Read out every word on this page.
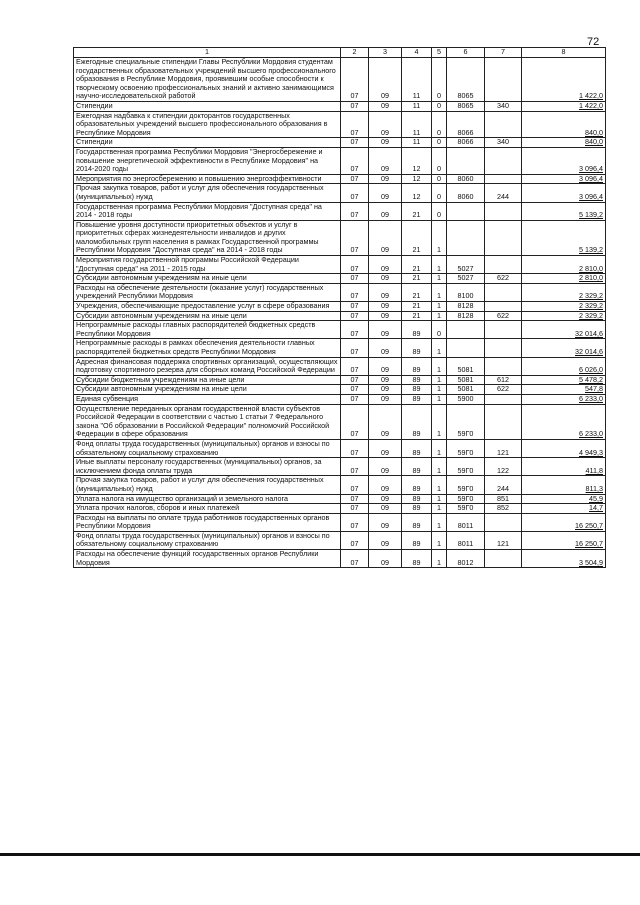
72
1	2	3	4	5	6	7	8
Ежегодные специальные стипендии Главы Республики Мордовия студентам государственных образовательных учреждений высшего профессионального образования в Республике Мордовия, проявившим особые способности к творческому освоению профессиональных знаний и активно занимающимся научно-исследовательской работой	07	09	11	0	8065		1 422,0
Стипендии	07	09	11	0	8065	340	1 422,0
Ежегодная надбавка к стипендии докторантов государственных образовательных учреждений высшего профессионального образования в Республике Мордовия	07	09	11	0	8066		840,0
Стипендии	07	09	11	0	8066	340	840,0
Государственная программа Республики Мордовия "Энергосбережение и повышение энергетической эффективности в Республике Мордовия" на 2014-2020 годы	07	09	12	0			3 096,4
Мероприятия по энергосбережению и повышению энергоэффективности	07	09	12	0	8060		3 096,4
Прочая закупка товаров, работ и услуг для обеспечения государственных (муниципальных) нужд	07	09	12	0	8060	244	3 096,4
Государственная программа Республики Мордовия "Доступная среда" на 2014 - 2018 годы	07	09	21	0			5 139,2
Повышение уровня доступности приоритетных объектов и услуг в приоритетных сферах жизнедеятельности инвалидов и других маломобильных групп населения в рамках Государственной программы Республики Мордовия "Доступная среда" на 2014 - 2018 годы	07	09	21	1			5 139,2
Мероприятия государственной программы Российской Федерации "Доступная среда" на 2011 - 2015 годы	07	09	21	1	5027		2 810,0
Субсидии автономным учреждениям на иные цели	07	09	21	1	5027	622	2 810,0
Расходы на обеспечение деятельности (оказание услуг) государственных учреждений Республики Мордовия	07	09	21	1	8100		2 329,2
Учреждения, обеспечивающие предоставление услуг в сфере образования	07	09	21	1	8128		2 329,2
Субсидии автономным учреждениям на иные цели	07	09	21	1	8128	622	2 329,2
Непрограммные расходы главных распорядителей бюджетных средств Республики Мордовия	07	09	89	0			32 014,6
Непрограммные расходы в рамках обеспечения деятельности главных распорядителей бюджетных средств Республики Мордовия	07	09	89	1			32 014,6
Адресная финансовая поддержка спортивных организаций, осуществляющих подготовку спортивного резерва для сборных команд Российской Федерации	07	09	89	1	5081		6 026,0
Субсидии бюджетным учреждениям на иные цели	07	09	89	1	5081	612	5 478,2
Субсидии автономным учреждениям на иные цели	07	09	89	1	5081	622	547,8
Единая субвенция	07	09	89	1	5900		6 233,0
Осуществление переданных органам государственной власти субъектов Российской Федерации в соответствии с частью 1 статьи 7 Федерального закона "Об образовании в Российской Федерации" полномочий Российской Федерации в сфере образования	07	09	89	1	59Г0		6 233,0
Фонд оплаты труда государственных (муниципальных) органов и взносы по обязательному социальному страхованию	07	09	89	1	59Г0	121	4 949,3
Иные выплаты персоналу государственных (муниципальных) органов, за исключением фонда оплаты труда	07	09	89	1	59Г0	122	411,8
Прочая закупка товаров, работ и услуг для обеспечения государственных (муниципальных) нужд	07	09	89	1	59Г0	244	811,3
Уплата налога на имущество организаций и земельного налога	07	09	89	1	59Г0	851	45,9
Уплата прочих налогов, сборов и иных платежей	07	09	89	1	59Г0	852	14,7
Расходы на выплаты по оплате труда работников государственных органов Республики Мордовия	07	09	89	1	8011		16 250,7
Фонд оплаты труда государственных (муниципальных) органов и взносы по обязательному социальному страхованию	07	09	89	1	8011	121	16 250,7
Расходы на обеспечение функций государственных органов Республики Мордовия	07	09	89	1	8012		3 504,9
